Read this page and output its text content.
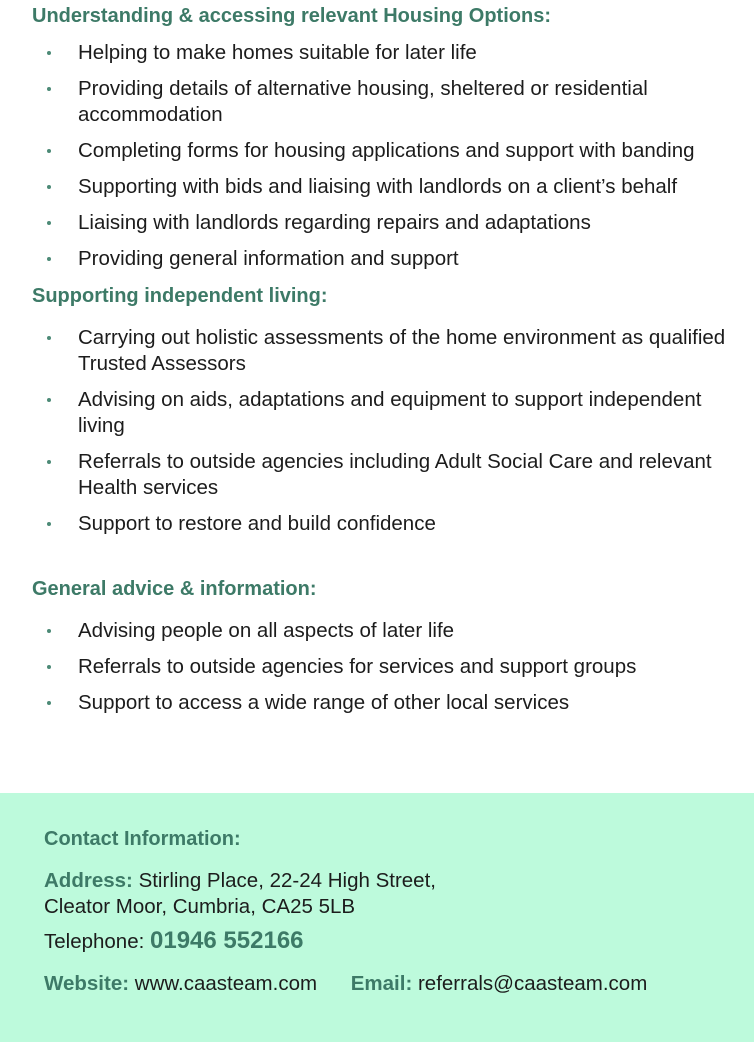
Understanding & accessing relevant Housing Options:
Helping to make homes suitable for later life
Providing details of alternative housing, sheltered or residential accommodation
Completing forms for housing applications and support with banding
Supporting with bids and liaising with landlords on a client’s behalf
Liaising with landlords regarding repairs and adaptations
Providing general information and support
Supporting independent living:
Carrying out holistic assessments of the home environment as qualified Trusted Assessors
Advising on aids, adaptations and equipment to support independent living
Referrals to outside agencies including Adult Social Care and relevant Health services
Support to restore and build confidence
General advice & information:
Advising people on all aspects of later life
Referrals to outside agencies for services and support groups
Support to access a wide range of other local services
Contact Information:

Address: Stirling Place, 22-24 High Street,
Cleator Moor, Cumbria, CA25 5LB

Telephone: 01946 552166

Website: www.caasteam.com Email: referrals@caasteam.com
